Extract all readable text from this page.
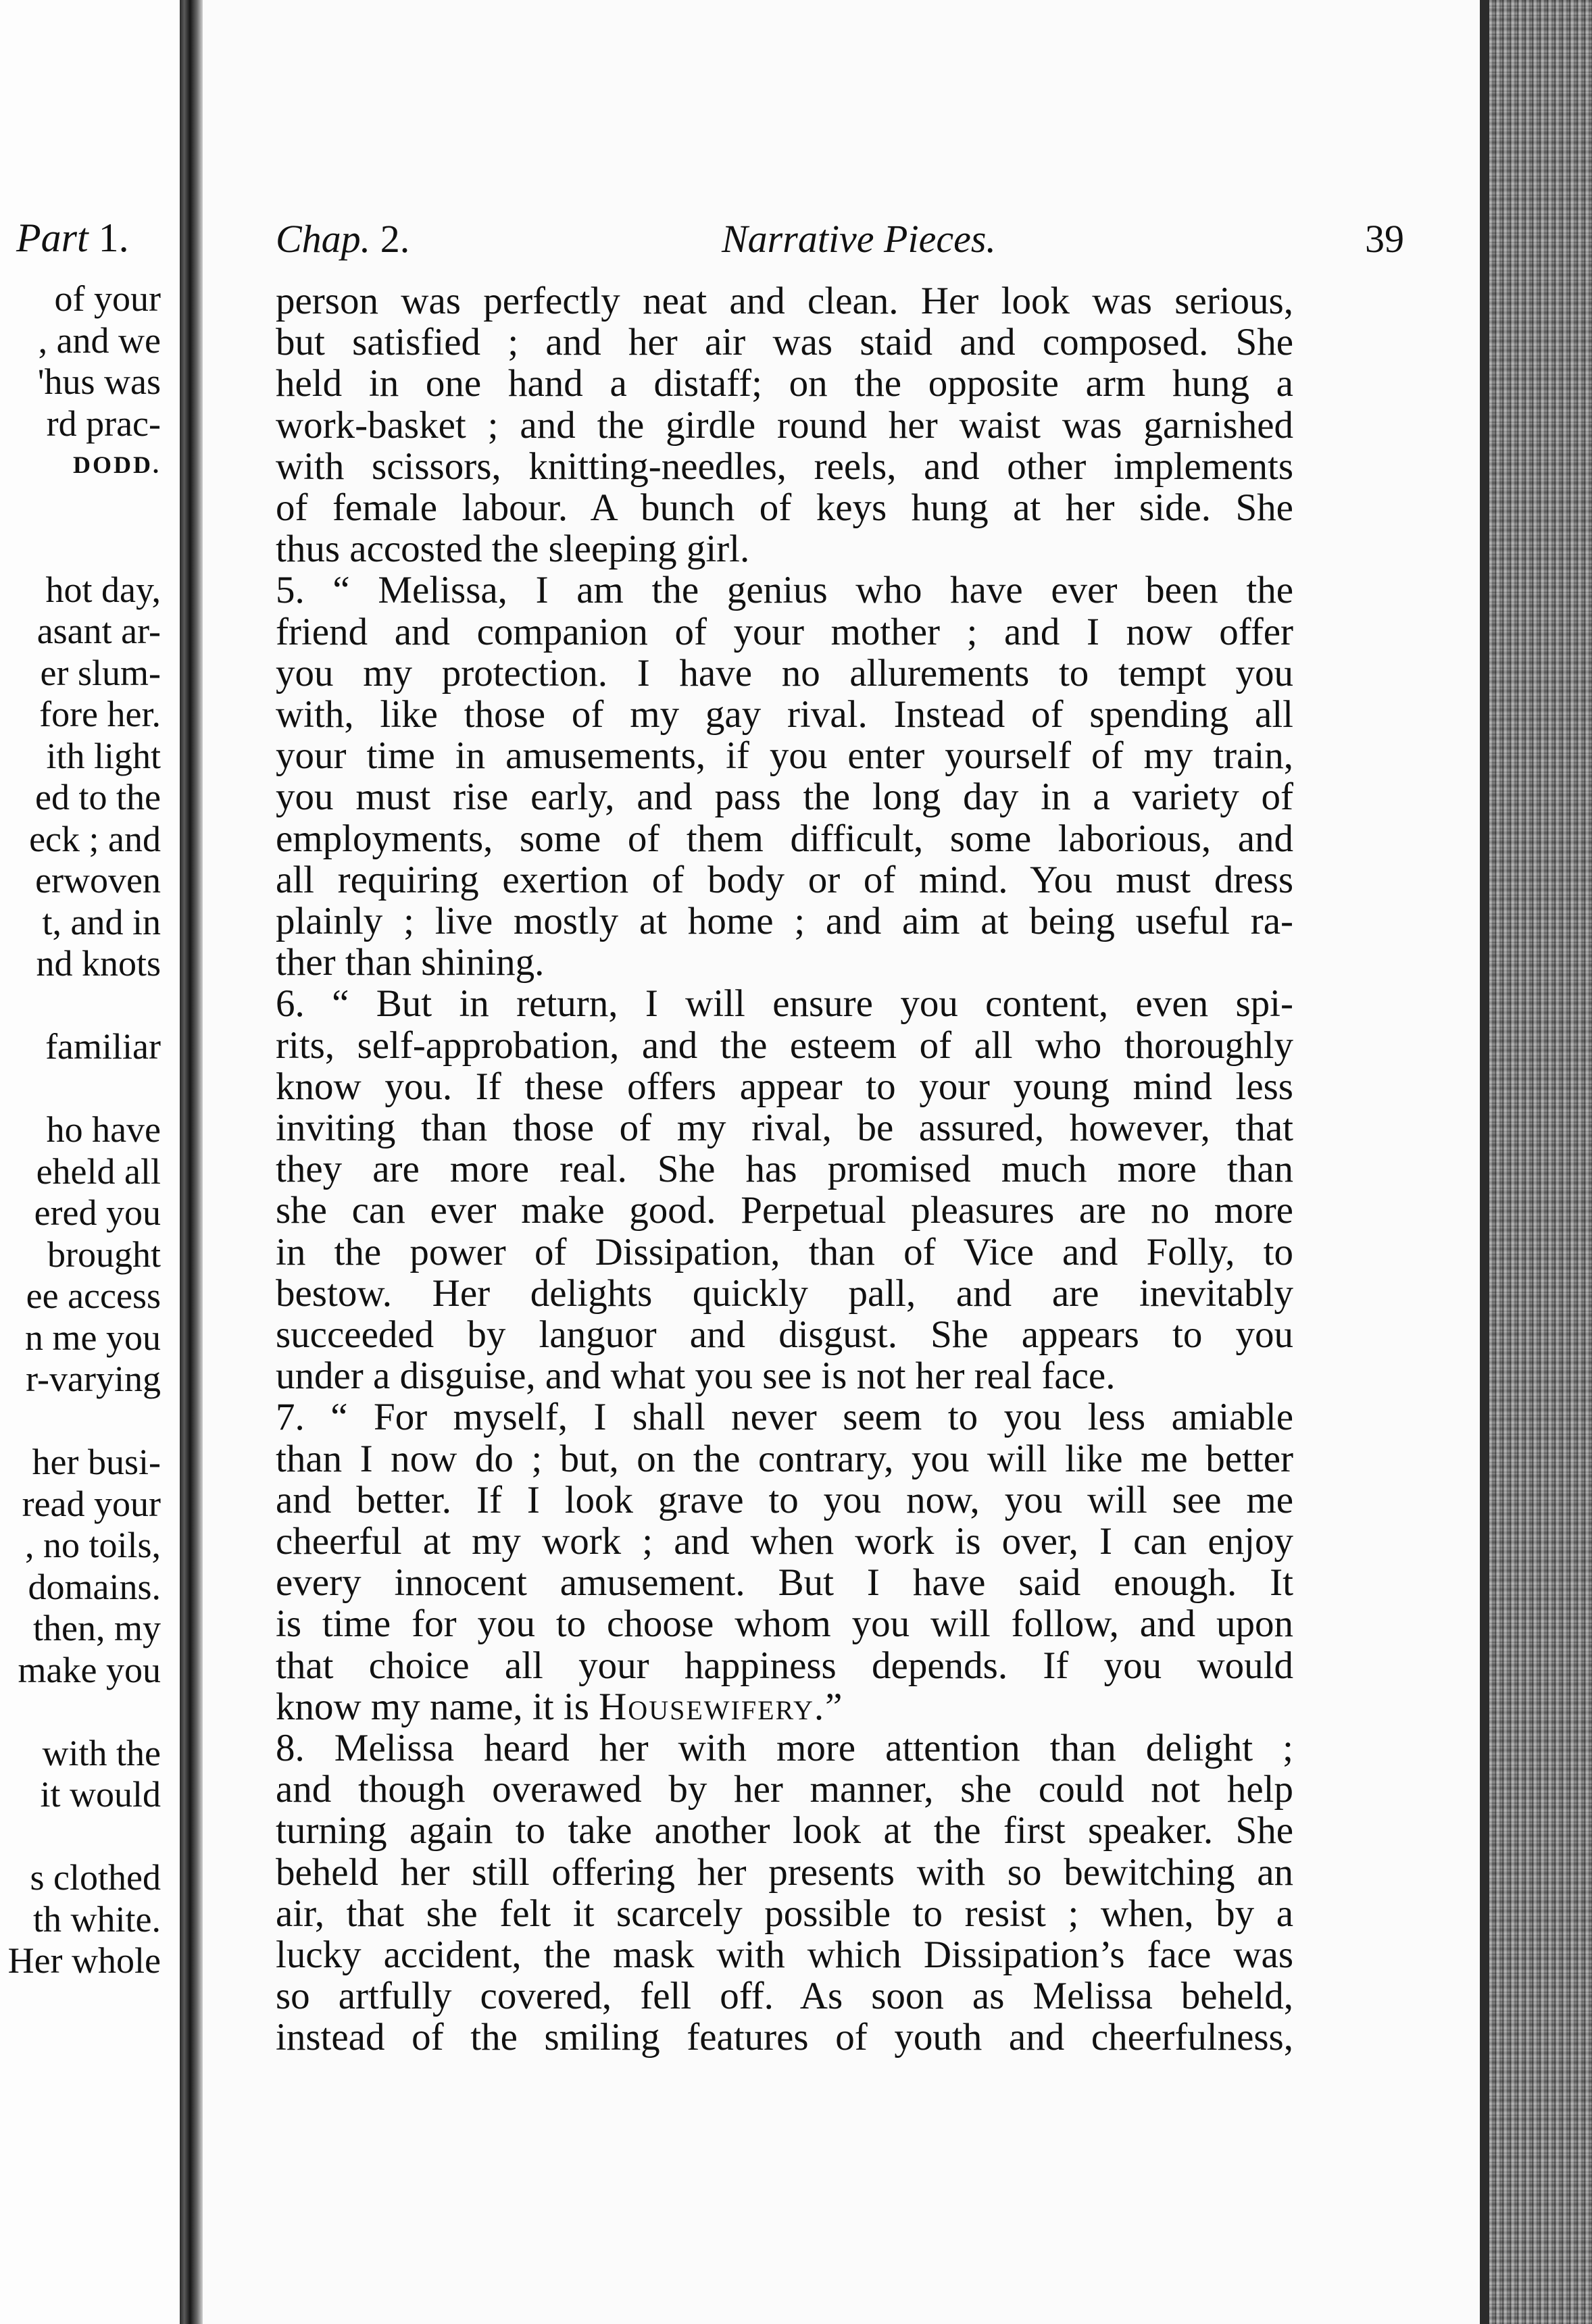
Part 1.
of your
, and we
'hus was
rd prac-
DODD.
hot day,
asant ar-
er slum-
fore her.
ith light
ed to the
eck ; and
erwoven
t, and in
nd knots
familiar
ho have
eheld all
ered you
brought
ee access
n me you
r-varying
her busi-
read your
, no toils,
domains.
then, my
make you
with the
it would
s clothed
th white.
Her whole
Chap. 2.	Narrative Pieces.	39
person was perfectly neat and clean. Her look was serious,
but satisfied ; and her air was staid and composed. She
held in one hand a distaff; on the opposite arm hung a
work-basket ; and the girdle round her waist was garnished
with scissors, knitting-needles, reels, and other implements
of female labour. A bunch of keys hung at her side. She
thus accosted the sleeping girl.
5. “ Melissa, I am the genius who have ever been the
friend and companion of your mother ; and I now offer
you my protection. I have no allurements to tempt you
with, like those of my gay rival. Instead of spending all
your time in amusements, if you enter yourself of my train,
you must rise early, and pass the long day in a variety of
employments, some of them difficult, some laborious, and
all requiring exertion of body or of mind. You must dress
plainly ; live mostly at home ; and aim at being useful ra-
ther than shining.
6. “ But in return, I will ensure you content, even spi-
rits, self-approbation, and the esteem of all who thoroughly
know you. If these offers appear to your young mind less
inviting than those of my rival, be assured, however, that
they are more real. She has promised much more than
she can ever make good. Perpetual pleasures are no more
in the power of Dissipation, than of Vice and Folly, to
bestow. Her delights quickly pall, and are inevitably
succeeded by languor and disgust. She appears to you
under a disguise, and what you see is not her real face.
7. “ For myself, I shall never seem to you less amiable
than I now do ; but, on the contrary, you will like me better
and better. If I look grave to you now, you will see me
cheerful at my work ; and when work is over, I can enjoy
every innocent amusement. But I have said enough. It
is time for you to choose whom you will follow, and upon
that choice all your happiness depends. If you would
know my name, it is Housewifery.”
8. Melissa heard her with more attention than delight ;
and though overawed by her manner, she could not help
turning again to take another look at the first speaker. She
beheld her still offering her presents with so bewitching an
air, that she felt it scarcely possible to resist ; when, by a
lucky accident, the mask with which Dissipation’s face was
so artfully covered, fell off. As soon as Melissa beheld,
instead of the smiling features of youth and cheerfulness,
